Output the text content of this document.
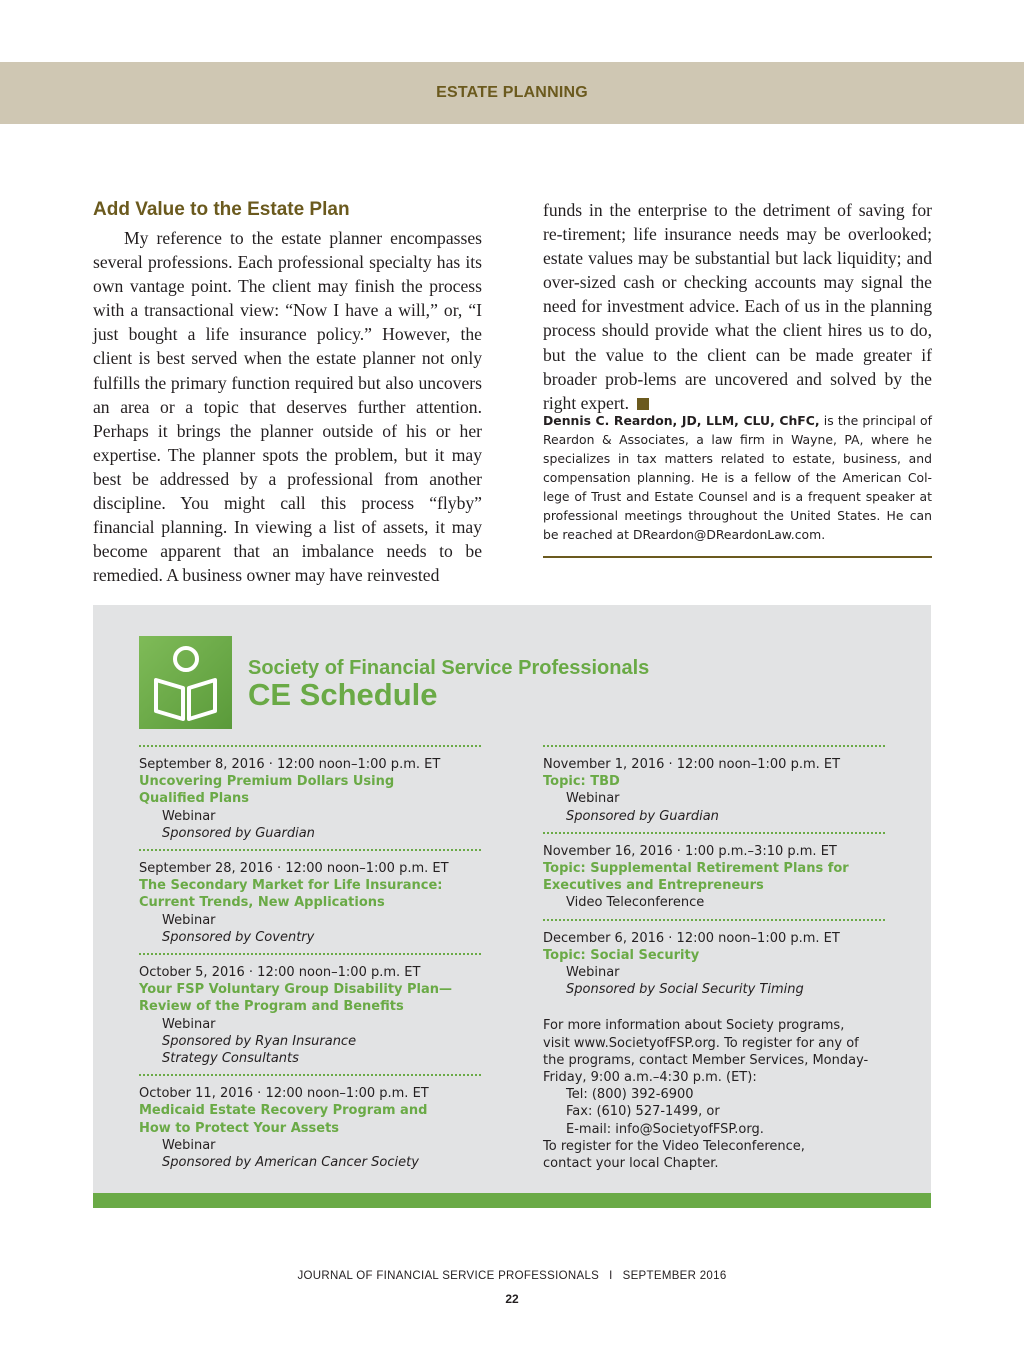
ESTATE PLANNING
Add Value to the Estate Plan

My reference to the estate planner encompasses several professions. Each professional specialty has its own vantage point. The client may finish the process with a transactional view: “Now I have a will,” or, “I just bought a life insurance policy.” However, the client is best served when the estate planner not only fulfills the primary function required but also uncovers an area or a topic that deserves further attention. Perhaps it brings the planner outside of his or her expertise. The planner spots the problem, but it may best be addressed by a professional from another discipline. You might call this process “flyby” financial planning. In viewing a list of assets, it may become apparent that an imbalance needs to be remedied. A business owner may have reinvested

funds in the enterprise to the detriment of saving for re-tirement; life insurance needs may be overlooked; estate values may be substantial but lack liquidity; and over-sized cash or checking accounts may signal the need for investment advice. Each of us in the planning process should provide what the client hires us to do, but the value to the client can be made greater if broader prob-lems are uncovered and solved by the right expert.

Dennis C. Reardon, JD, LLM, CLU, ChFC, is the principal of Reardon & Associates, a law firm in Wayne, PA, where he specializes in tax matters related to estate, business, and compensation planning. He is a fellow of the American Col-lege of Trust and Estate Counsel and is a frequent speaker at professional meetings throughout the United States. He can be reached at DReardon@DReardonLaw.com.

Society of Financial Service Professionals
CE Schedule
September 8, 2016 · 12:00 noon–1:00 p.m. ET
Uncovering Premium Dollars Using
Qualified Plans
Webinar
Sponsored by Guardian
September 28, 2016 · 12:00 noon–1:00 p.m. ET
The Secondary Market for Life Insurance:
Current Trends, New Applications
Webinar
Sponsored by Coventry
October 5, 2016 · 12:00 noon–1:00 p.m. ET
Your FSP Voluntary Group Disability Plan—
Review of the Program and Benefits
Webinar
Sponsored by Ryan Insurance
Strategy Consultants
October 11, 2016 · 12:00 noon–1:00 p.m. ET
Medicaid Estate Recovery Program and
How to Protect Your Assets
Webinar
Sponsored by American Cancer Society
November 1, 2016 · 12:00 noon–1:00 p.m. ET
Topic: TBD
Webinar
Sponsored by Guardian
November 16, 2016 · 1:00 p.m.–3:10 p.m. ET
Topic: Supplemental Retirement Plans for
Executives and Entrepreneurs
Video Teleconference
December 6, 2016 · 12:00 noon–1:00 p.m. ET
Topic: Social Security
Webinar
Sponsored by Social Security Timing
For more information about Society programs,
visit www.SocietyofFSP.org. To register for any of
the programs, contact Member Services, Monday-
Friday, 9:00 a.m.–4:30 p.m. (ET):
Tel: (800) 392-6900
Fax: (610) 527-1499, or
E-mail: info@SocietyofFSP.org.
To register for the Video Teleconference,
contact your local Chapter.
JOURNAL OF FINANCIAL SERVICE PROFESSIONALS I SEPTEMBER 2016
22
